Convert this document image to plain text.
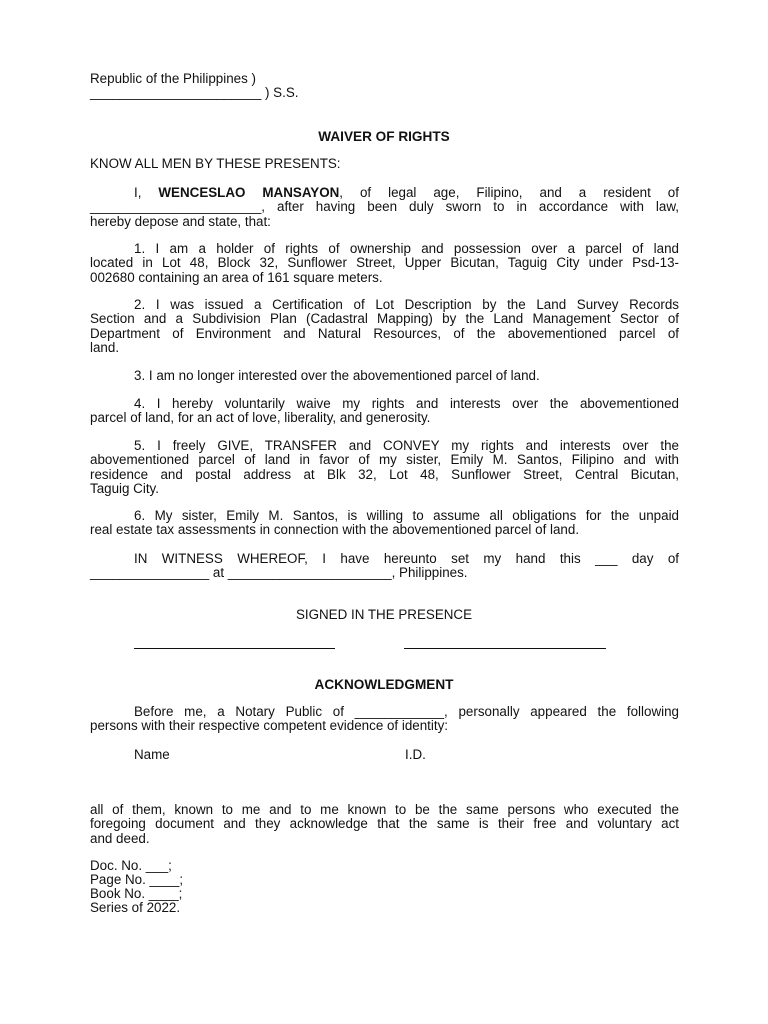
Republic of the Philippines )
_______________________ ) S.S.
WAIVER OF RIGHTS
KNOW ALL MEN BY THESE PRESENTS:
I, WENCESLAO MANSAYON, of legal age, Filipino, and a resident of
_______________________, after having been duly sworn to in accordance with law,
hereby depose and state, that:
1. I am a holder of rights of ownership and possession over a parcel of land
located in Lot 48, Block 32, Sunflower Street, Upper Bicutan, Taguig City under Psd-13-
002680 containing an area of 161 square meters.
2. I was issued a Certification of Lot Description by the Land Survey Records
Section and a Subdivision Plan (Cadastral Mapping) by the Land Management Sector of
Department of Environment and Natural Resources, of the abovementioned parcel of
land.
3. I am no longer interested over the abovementioned parcel of land.
4. I hereby voluntarily waive my rights and interests over the abovementioned
parcel of land, for an act of love, liberality, and generosity.
5. I freely GIVE, TRANSFER and CONVEY my rights and interests over the
abovementioned parcel of land in favor of my sister, Emily M. Santos, Filipino and with
residence and postal address at Blk 32, Lot 48, Sunflower Street, Central Bicutan,
Taguig City.
6. My sister, Emily M. Santos, is willing to assume all obligations for the unpaid
real estate tax assessments in connection with the abovementioned parcel of land.
IN WITNESS WHEREOF, I have hereunto set my hand this ___ day of
________________ at ______________________, Philippines.
SIGNED IN THE PRESENCE
ACKNOWLEDGMENT
Before me, a Notary Public of ____________, personally appeared the following
persons with their respective competent evidence of identity:
Name	I.D.
all of them, known to me and to me known to be the same persons who executed the
foregoing document and they acknowledge that the same is their free and voluntary act
and deed.
Doc. No. ___;
Page No. ____;
Book No. ____;
Series of 2022.
